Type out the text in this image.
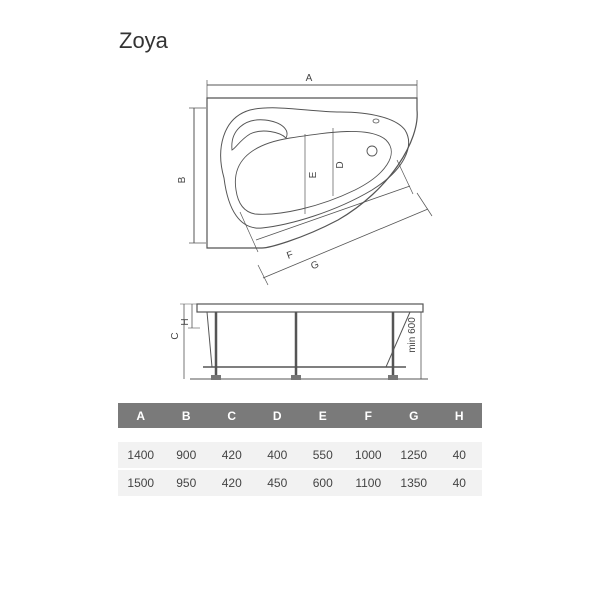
Zoya
A
B
D
E
F
G
C
H	min 600
A	B	C	D	E	F	G	H

1400	900	420	400	550	1000	1250	40
1500	950	420	450	600	1100	1350	40
